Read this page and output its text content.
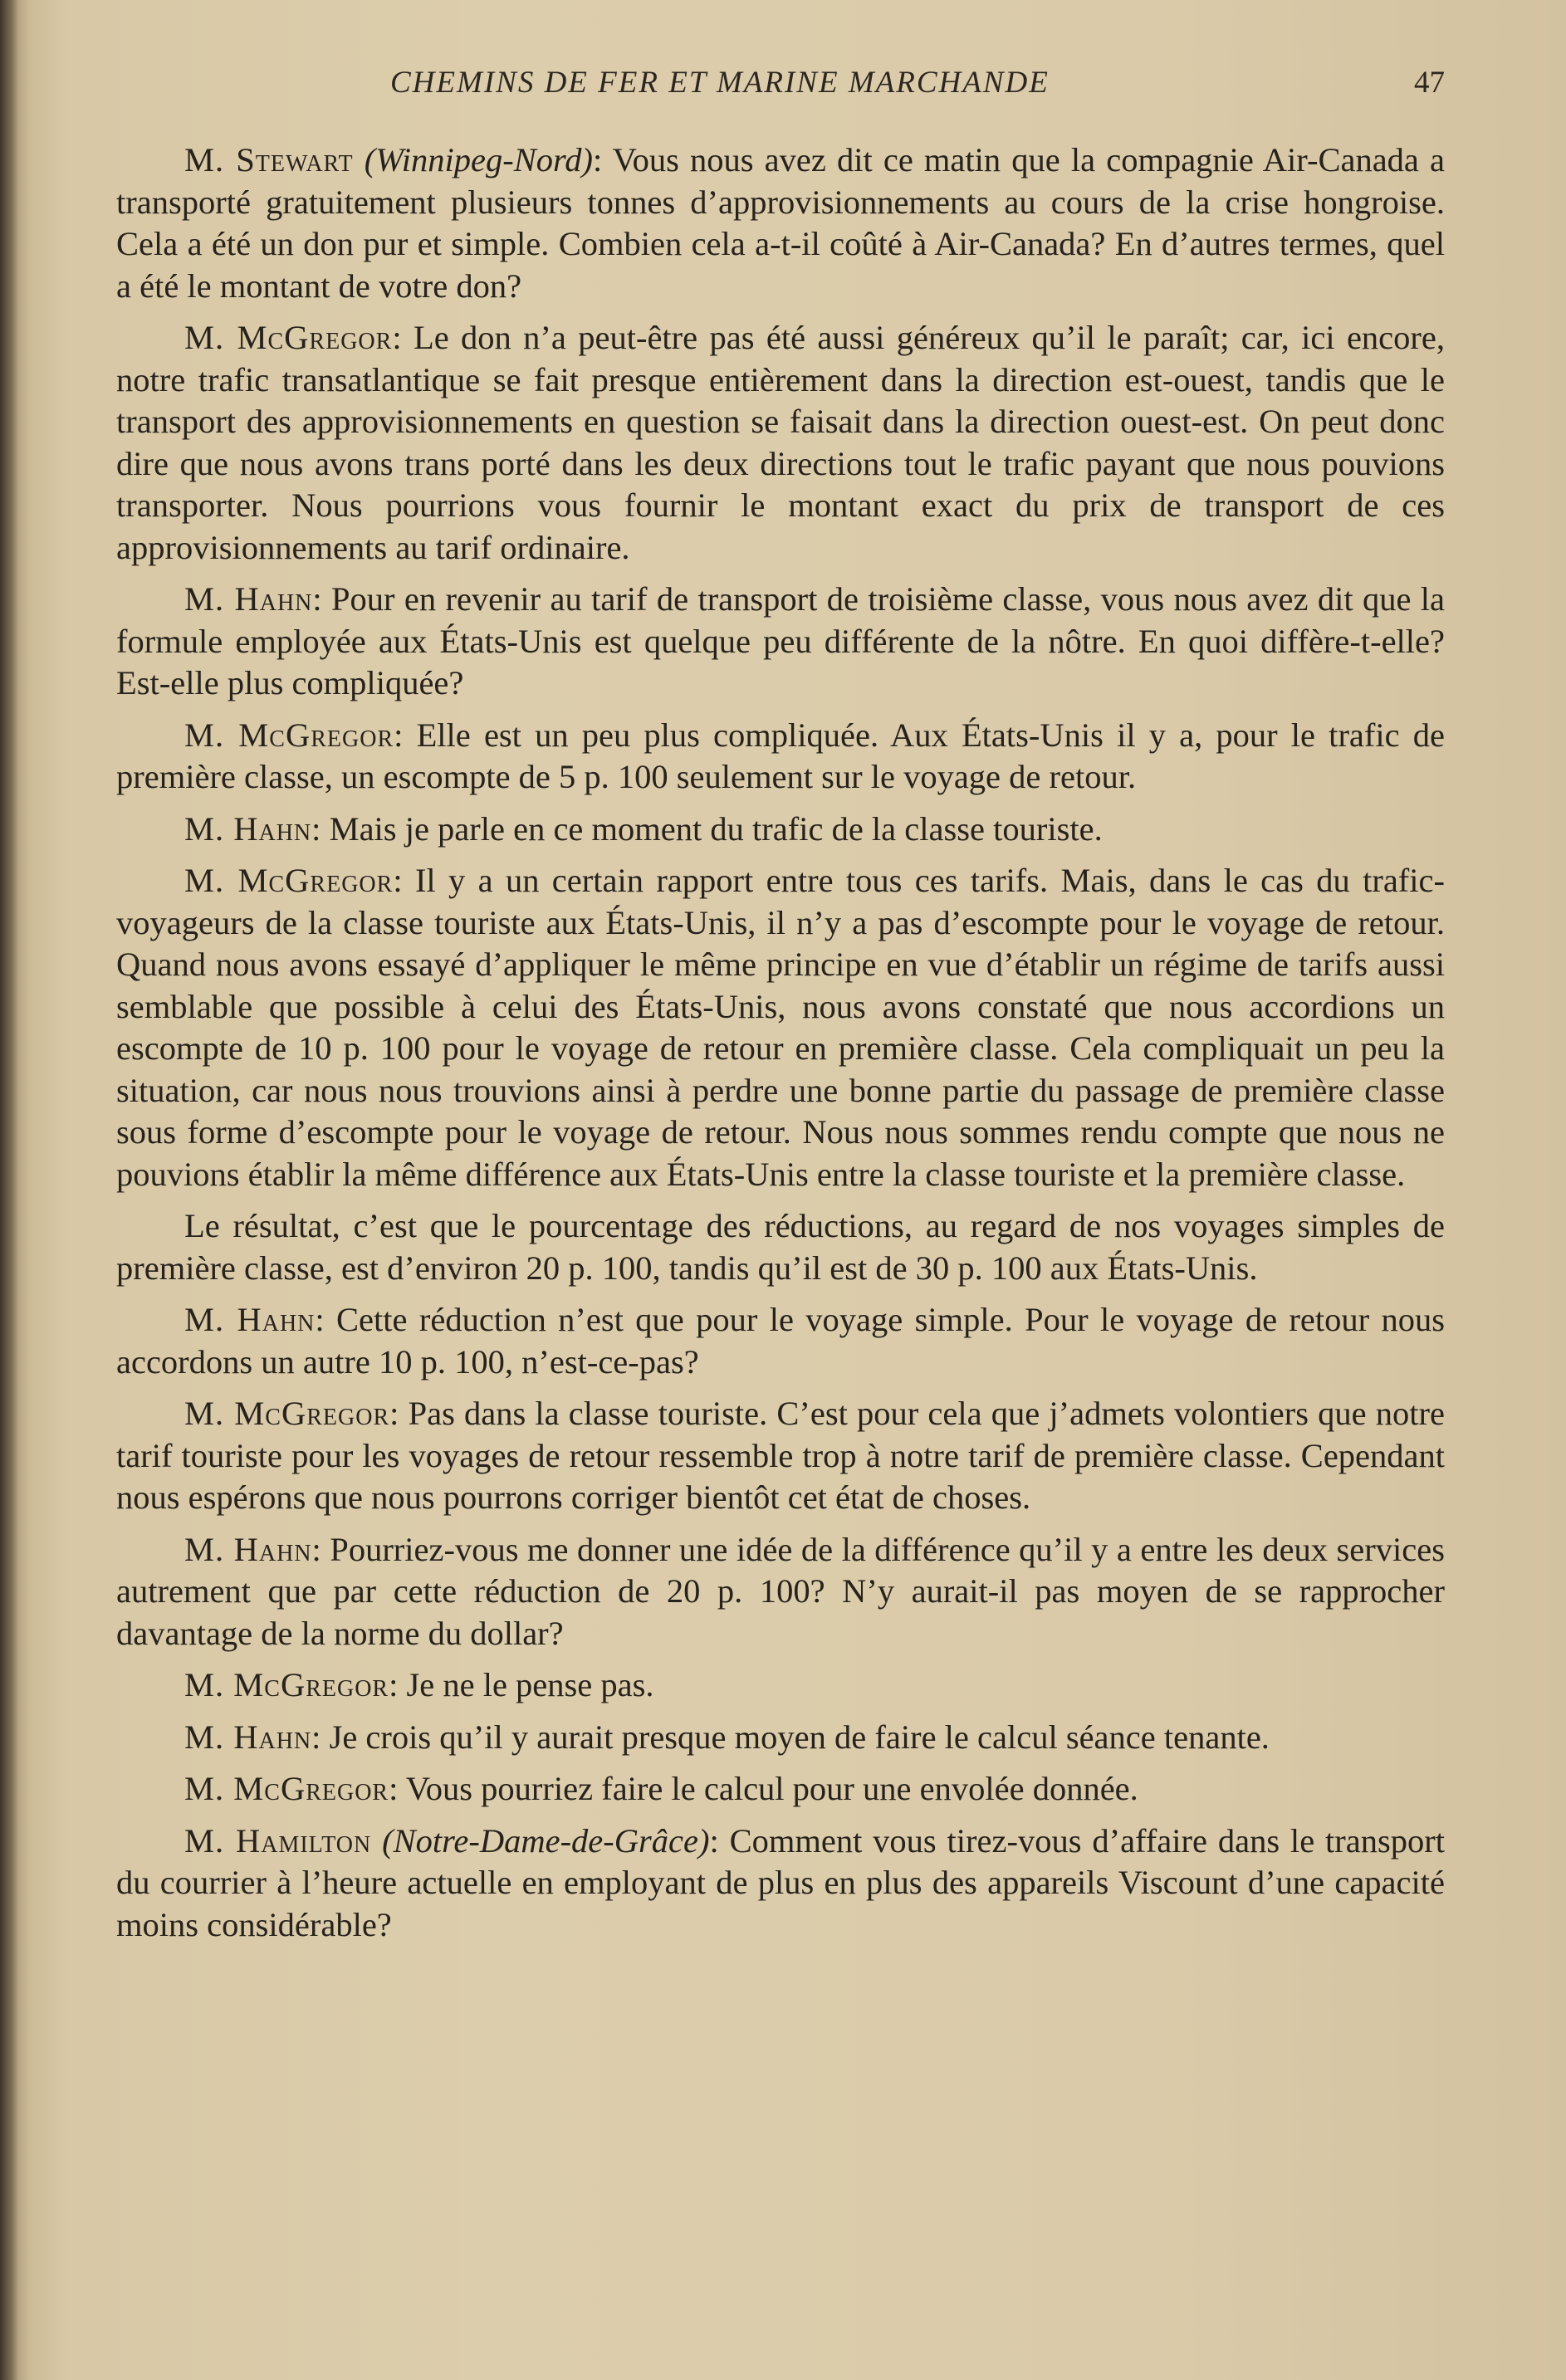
CHEMINS DE FER ET MARINE MARCHANDE	47

M. Stewart (Winnipeg-Nord): Vous nous avez dit ce matin que la compagnie Air-Canada a transporté gratuitement plusieurs tonnes d’approvisionnements au cours de la crise hongroise. Cela a été un don pur et simple. Combien cela a-t-il coûté à Air-Canada? En d’autres termes, quel a été le montant de votre don?

M. McGregor: Le don n’a peut-être pas été aussi généreux qu’il le paraît; car, ici encore, notre trafic transatlantique se fait presque entièrement dans la direction est-ouest, tandis que le transport des approvisionnements en question se faisait dans la direction ouest-est. On peut donc dire que nous avons trans porté dans les deux directions tout le trafic payant que nous pouvions transporter. Nous pourrions vous fournir le montant exact du prix de transport de ces approvisionnements au tarif ordinaire.

M. Hahn: Pour en revenir au tarif de transport de troisième classe, vous nous avez dit que la formule employée aux États-Unis est quelque peu différente de la nôtre. En quoi diffère-t-elle? Est-elle plus compliquée?

M. McGregor: Elle est un peu plus compliquée. Aux États-Unis il y a, pour le trafic de première classe, un escompte de 5 p. 100 seulement sur le voyage de retour.

M. Hahn: Mais je parle en ce moment du trafic de la classe touriste.

M. McGregor: Il y a un certain rapport entre tous ces tarifs. Mais, dans le cas du trafic-voyageurs de la classe touriste aux États-Unis, il n’y a pas d’escompte pour le voyage de retour. Quand nous avons essayé d’appliquer le même principe en vue d’établir un régime de tarifs aussi semblable que possible à celui des États-Unis, nous avons constaté que nous accordions un escompte de 10 p. 100 pour le voyage de retour en première classe. Cela compliquait un peu la situation, car nous nous trouvions ainsi à perdre une bonne partie du passage de première classe sous forme d’escompte pour le voyage de retour. Nous nous sommes rendu compte que nous ne pouvions établir la même différence aux États-Unis entre la classe touriste et la première classe.

Le résultat, c’est que le pourcentage des réductions, au regard de nos voyages simples de première classe, est d’environ 20 p. 100, tandis qu’il est de 30 p. 100 aux États-Unis.

M. Hahn: Cette réduction n’est que pour le voyage simple. Pour le voyage de retour nous accordons un autre 10 p. 100, n’est-ce-pas?

M. McGregor: Pas dans la classe touriste. C’est pour cela que j’admets volontiers que notre tarif touriste pour les voyages de retour ressemble trop à notre tarif de première classe. Cependant nous espérons que nous pourrons corriger bientôt cet état de choses.

M. Hahn: Pourriez-vous me donner une idée de la différence qu’il y a entre les deux services autrement que par cette réduction de 20 p. 100? N’y aurait-il pas moyen de se rapprocher davantage de la norme du dollar?

M. McGregor: Je ne le pense pas.

M. Hahn: Je crois qu’il y aurait presque moyen de faire le calcul séance tenante.

M. McGregor: Vous pourriez faire le calcul pour une envolée donnée.

M. Hamilton (Notre-Dame-de-Grâce): Comment vous tirez-vous d’affaire dans le transport du courrier à l’heure actuelle en employant de plus en plus des appareils Viscount d’une capacité moins considérable?
